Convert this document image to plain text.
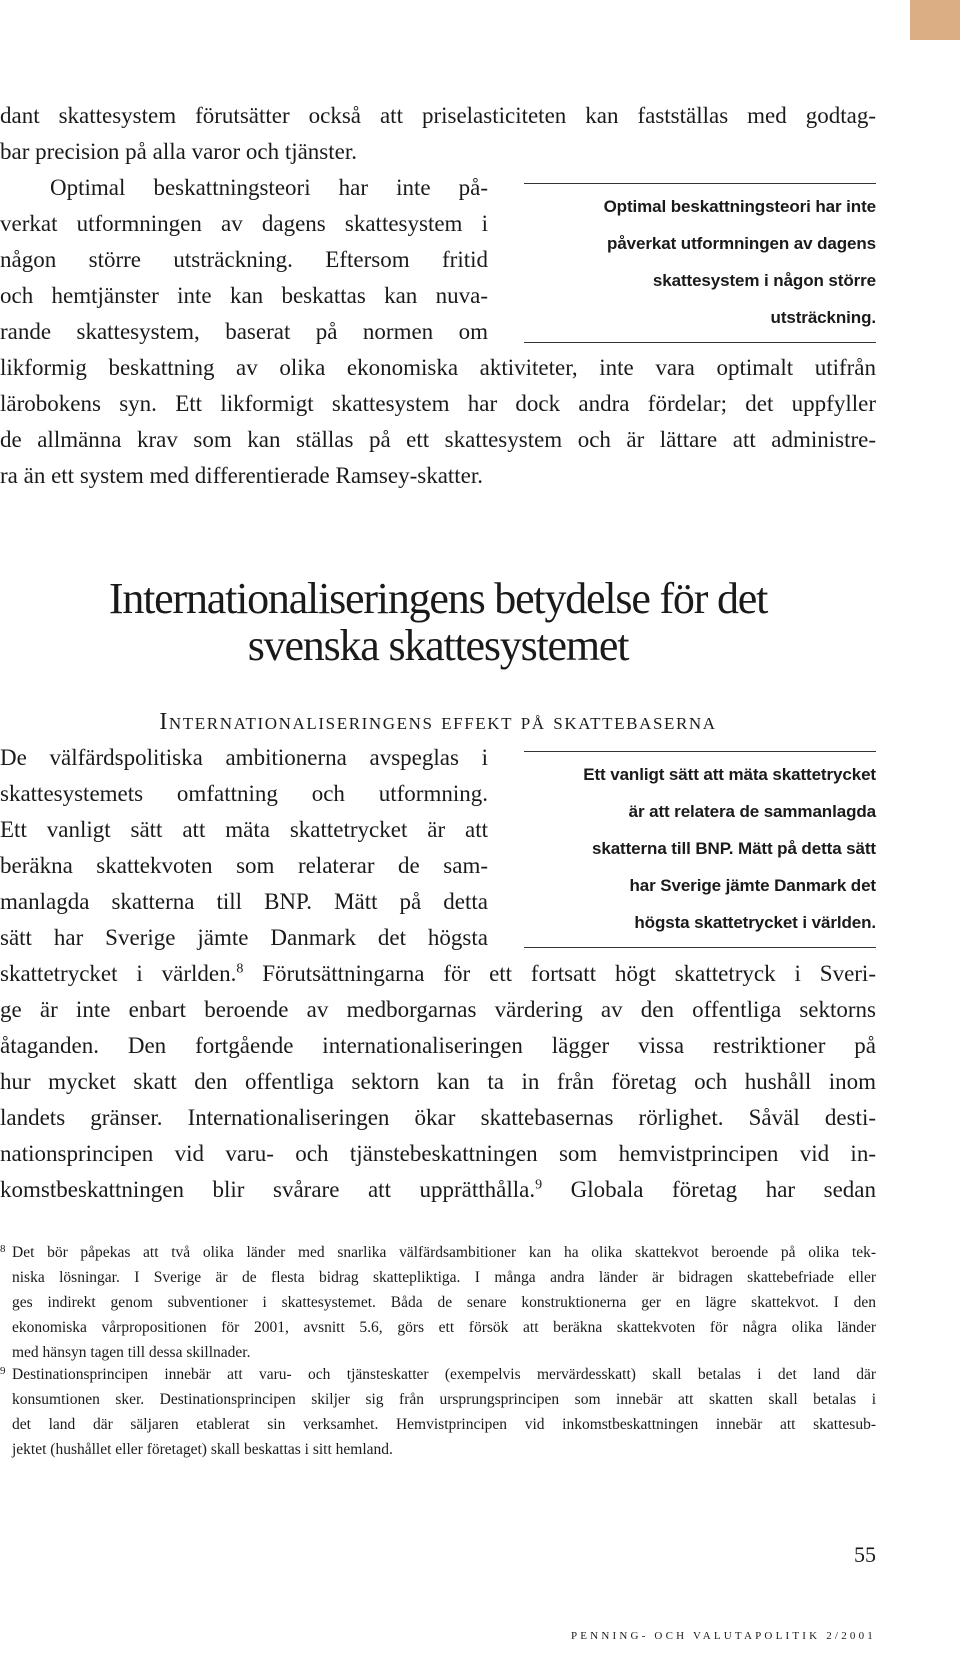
dant skattesystem förutsätter också att priselasticiteten kan fastställas med godtag-
bar precision på alla varor och tjänster.
Optimal beskattningsteori har inte på-
verkat utformningen av dagens skattesystem i
någon större utsträckning. Eftersom fritid
och hemtjänster inte kan beskattas kan nuva-
rande skattesystem, baserat på normen om
Optimal beskattningsteori har inte
påverkat utformningen av dagens
skattesystem i någon större
utsträckning.
likformig beskattning av olika ekonomiska aktiviteter, inte vara optimalt utifrån
lärobokens syn. Ett likformigt skattesystem har dock andra fördelar; det uppfyller
de allmänna krav som kan ställas på ett skattesystem och är lättare att administre-
ra än ett system med differentierade Ramsey-skatter.
Internationaliseringens betydelse för det
svenska skattesystemet
Internationaliseringens effekt på skattebaserna
De välfärdspolitiska ambitionerna avspeglas i
skattesystemets omfattning och utformning.
Ett vanligt sätt att mäta skattetrycket är att
beräkna skattekvoten som relaterar de sam-
manlagda skatterna till BNP. Mätt på detta
sätt har Sverige jämte Danmark det högsta
Ett vanligt sätt att mäta skattetrycket
är att relatera de sammanlagda
skatterna till BNP. Mätt på detta sätt
har Sverige jämte Danmark det
högsta skattetrycket i världen.
skattetrycket i världen.$^8$ Förutsättningarna för ett fortsatt högt skattetryck i Sveri-
ge är inte enbart beroende av medborgarnas värdering av den offentliga sektorns
åtaganden. Den fortgående internationaliseringen lägger vissa restriktioner på
hur mycket skatt den offentliga sektorn kan ta in från företag och hushåll inom
landets gränser. Internationaliseringen ökar skattebasernas rörlighet. Såväl desti-
nationsprincipen vid varu- och tjänstebeskattningen som hemvistprincipen vid in-
komstbeskattningen blir svårare att upprätthålla.$^9$ Globala företag har sedan
8 Det bör påpekas att två olika länder med snarlika välfärdsambitioner kan ha olika skattekvot beroende på olika tek-
niska lösningar. I Sverige är de flesta bidrag skattepliktiga. I många andra länder är bidragen skattebefriade eller
ges indirekt genom subventioner i skattesystemet. Båda de senare konstruktionerna ger en lägre skattekvot. I den
ekonomiska vårpropositionen för 2001, avsnitt 5.6, görs ett försök att beräkna skattekvoten för några olika länder
med hänsyn tagen till dessa skillnader.
9 Destinationsprincipen innebär att varu- och tjänsteskatter (exempelvis mervärdesskatt) skall betalas i det land där
konsumtionen sker. Destinationsprincipen skiljer sig från ursprungsprincipen som innebär att skatten skall betalas i
det land där säljaren etablerat sin verksamhet. Hemvistprincipen vid inkomstbeskattningen innebär att skattesub-
jektet (hushållet eller företaget) skall beskattas i sitt hemland.
55
PENNING- OCH VALUTAPOLITIK 2/2001
